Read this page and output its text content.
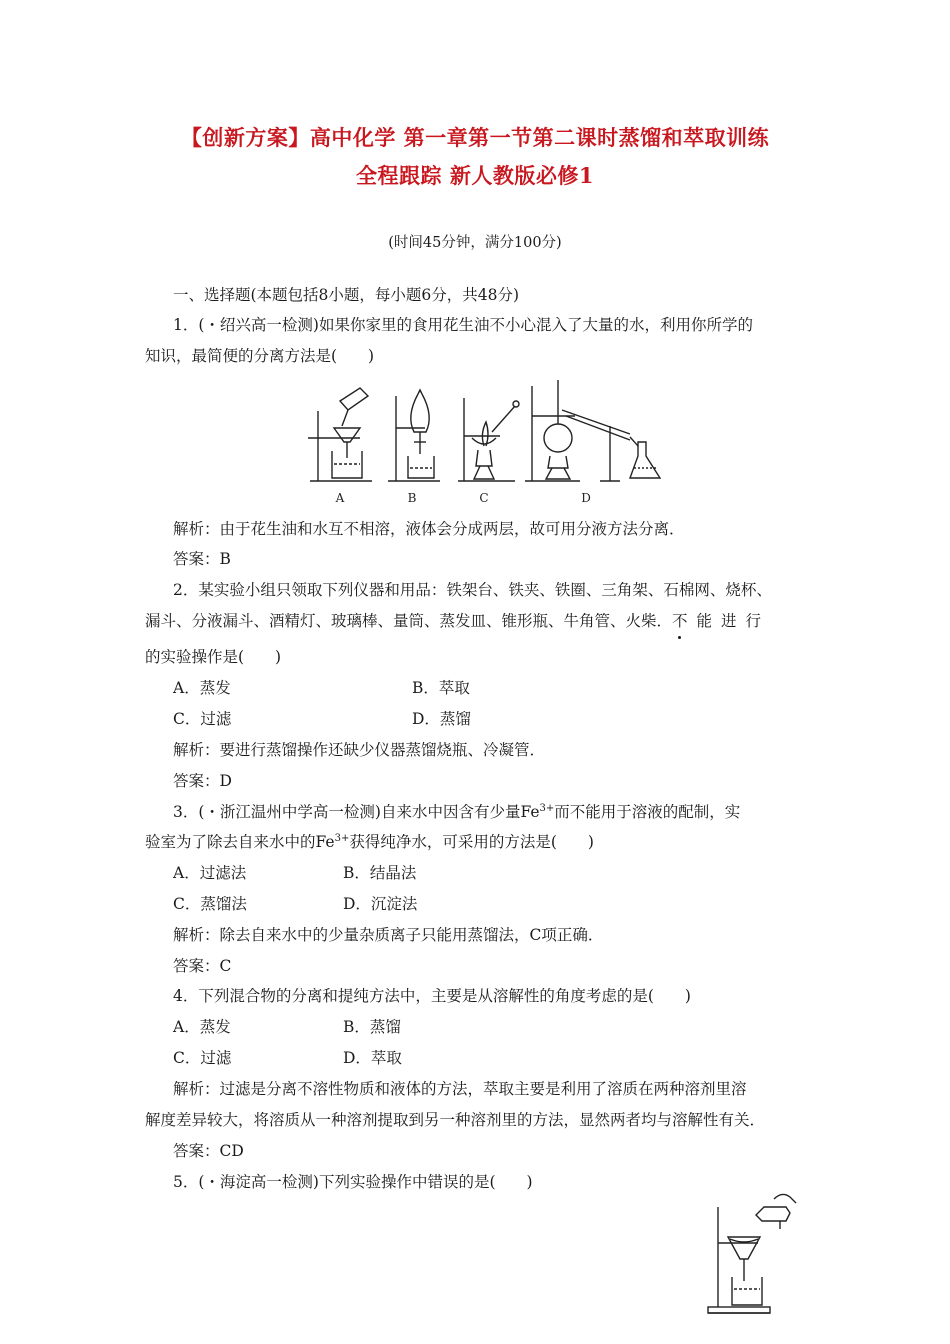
【创新方案】高中化学 第一章第一节第二课时蒸馏和萃取训练
全程跟踪 新人教版必修1
(时间45分钟，满分100分)
一、选择题(本题包括8小题，每小题6分，共48分)
1．(・绍兴高一检测)如果你家里的食用花生油不小心混入了大量的水，利用你所学的
知识，最简便的分离方法是(　　)
A	B	C	D
解析：由于花生油和水互不相溶，液体会分成两层，故可用分液方法分离．
答案：B
2．某实验小组只领取下列仪器和用品：铁架台、铁夹、铁圈、三角架、石棉网、烧杯、
漏斗、分液漏斗、酒精灯、玻璃棒、量筒、蒸发皿、锥形瓶、牛角管、火柴．不 能进行
的实验操作是(　　)
A．蒸发	B．萃取
C．过滤	D．蒸馏
解析：要进行蒸馏操作还缺少仪器蒸馏烧瓶、冷凝管．
答案：D
3．(・浙江温州中学高一检测)自来水中因含有少量$Fe^{3+}$而不能用于溶液的配制，实
验室为了除去自来水中的$Fe^{3+}$获得纯净水，可采用的方法是(　　)
A．过滤法	B．结晶法
C．蒸馏法	D．沉淀法
解析：除去自来水中的少量杂质离子只能用蒸馏法，C项正确．
答案：C
4．下列混合物的分离和提纯方法中，主要是从溶解性的角度考虑的是(　　)
A．蒸发	B．蒸馏
C．过滤	D．萃取
解析：过滤是分离不溶性物质和液体的方法，萃取主要是利用了溶质在两种溶剂里溶
解度差异较大，将溶质从一种溶剂提取到另一种溶剂里的方法，显然两者均与溶解性有关．
答案：CD
5．(・海淀高一检测)下列实验操作中错误的是(　　)
